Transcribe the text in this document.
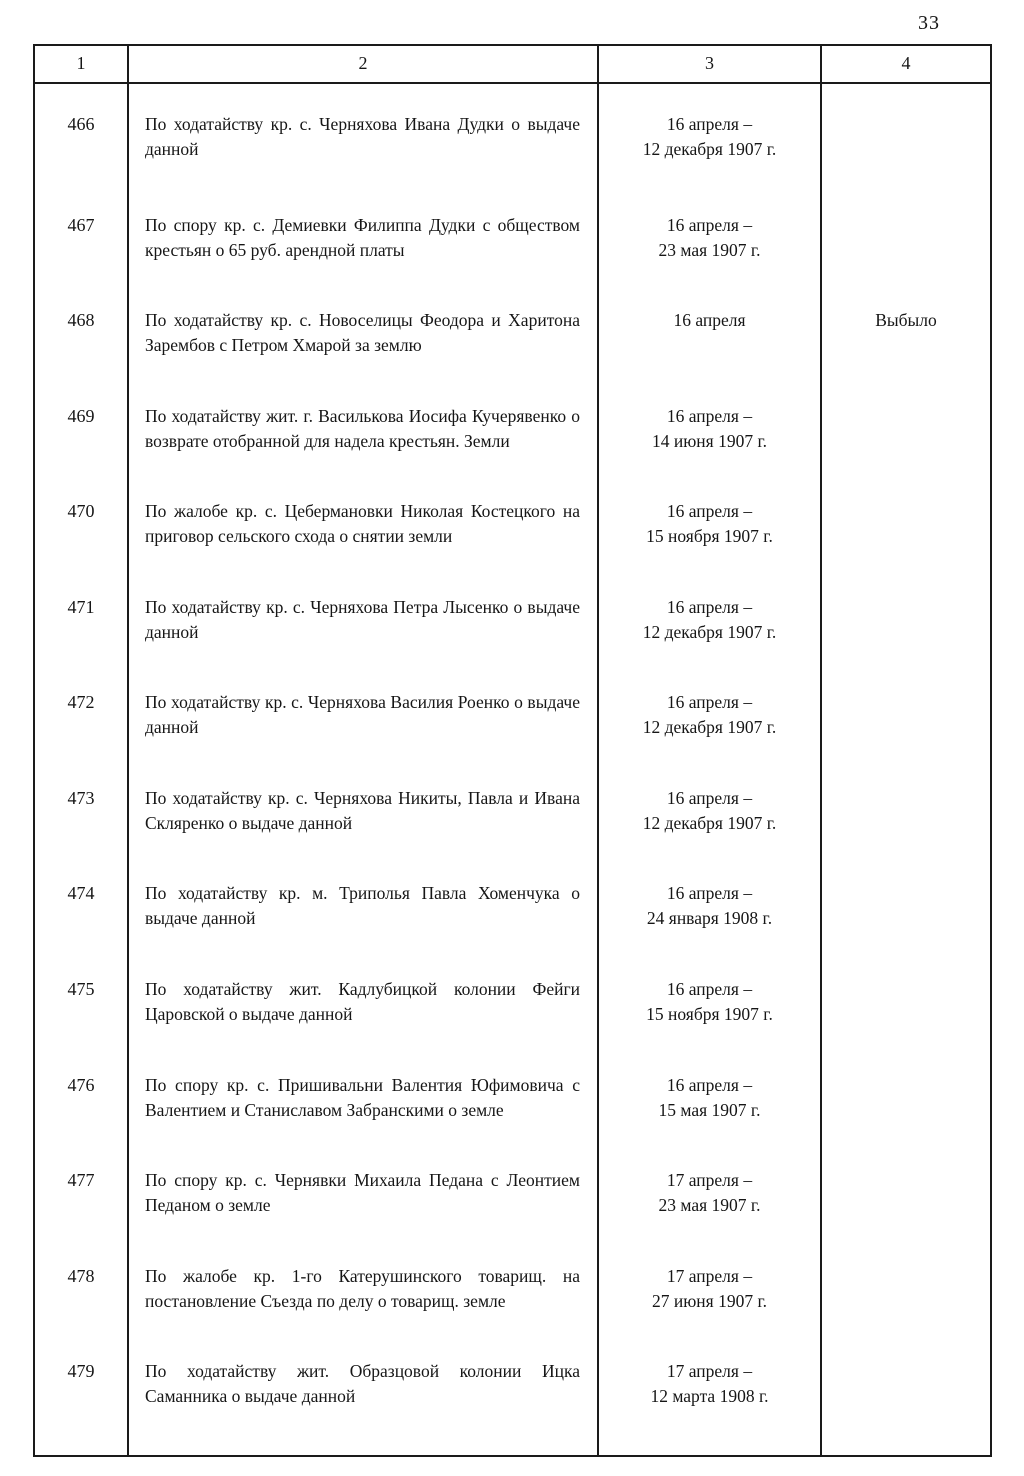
33
1	2	3	4

466	По ходатайству кр. с. Черняхова Ивана Дудки о выдаче данной	16 апреля –
12 декабря 1907 г.	

467	По спору кр. с. Демиевки Филиппа Дудки с обществом крестьян о 65 руб. арендной платы	16 апреля –
23 мая 1907 г.	

468	По ходатайству кр. с. Новоселицы Феодора и Харитона Зарембов с Петром Хмарой за землю	16 апреля	Выбыло

469	По ходатайству жит. г. Василькова Иосифа Кучерявенко о возврате отобранной для надела крестьян. Земли	16 апреля –
14 июня 1907 г.	

470	По жалобе кр. с. Цебермановки Николая Костецкого на приговор сельского схода о снятии земли	16 апреля –
15 ноября 1907 г.	

471	По ходатайству кр. с. Черняхова Петра Лысенко о выдаче данной	16 апреля –
12 декабря 1907 г.	

472	По ходатайству кр. с. Черняхова Василия Роенко о выдаче данной	16 апреля –
12 декабря 1907 г.	

473	По ходатайству кр. с. Черняхова Никиты, Павла и Ивана Скляренко о выдаче данной	16 апреля –
12 декабря 1907 г.	

474	По ходатайству кр. м. Триполья Павла Хоменчука о выдаче данной	16 апреля –
24 января 1908 г.	

475	По ходатайству жит. Кадлубицкой колонии Фейги Царовской о выдаче данной	16 апреля –
15 ноября 1907 г.	

476	По спору кр. с. Пришивальни Валентия Юфимовича с Валентием и Станиславом Забранскими о земле	16 апреля –
15 мая 1907 г.	

477	По спору кр. с. Чернявки Михаила Педана с Леонтием Педаном о земле	17 апреля –
23 мая 1907 г.	

478	По жалобе кр. 1-го Катерушинского товарищ. на постановление Съезда по делу о товарищ. земле	17 апреля –
27 июня 1907 г.	

479	По ходатайству жит. Образцовой колонии Ицка Саманника о выдаче данной	17 апреля –
12 марта 1908 г.	
